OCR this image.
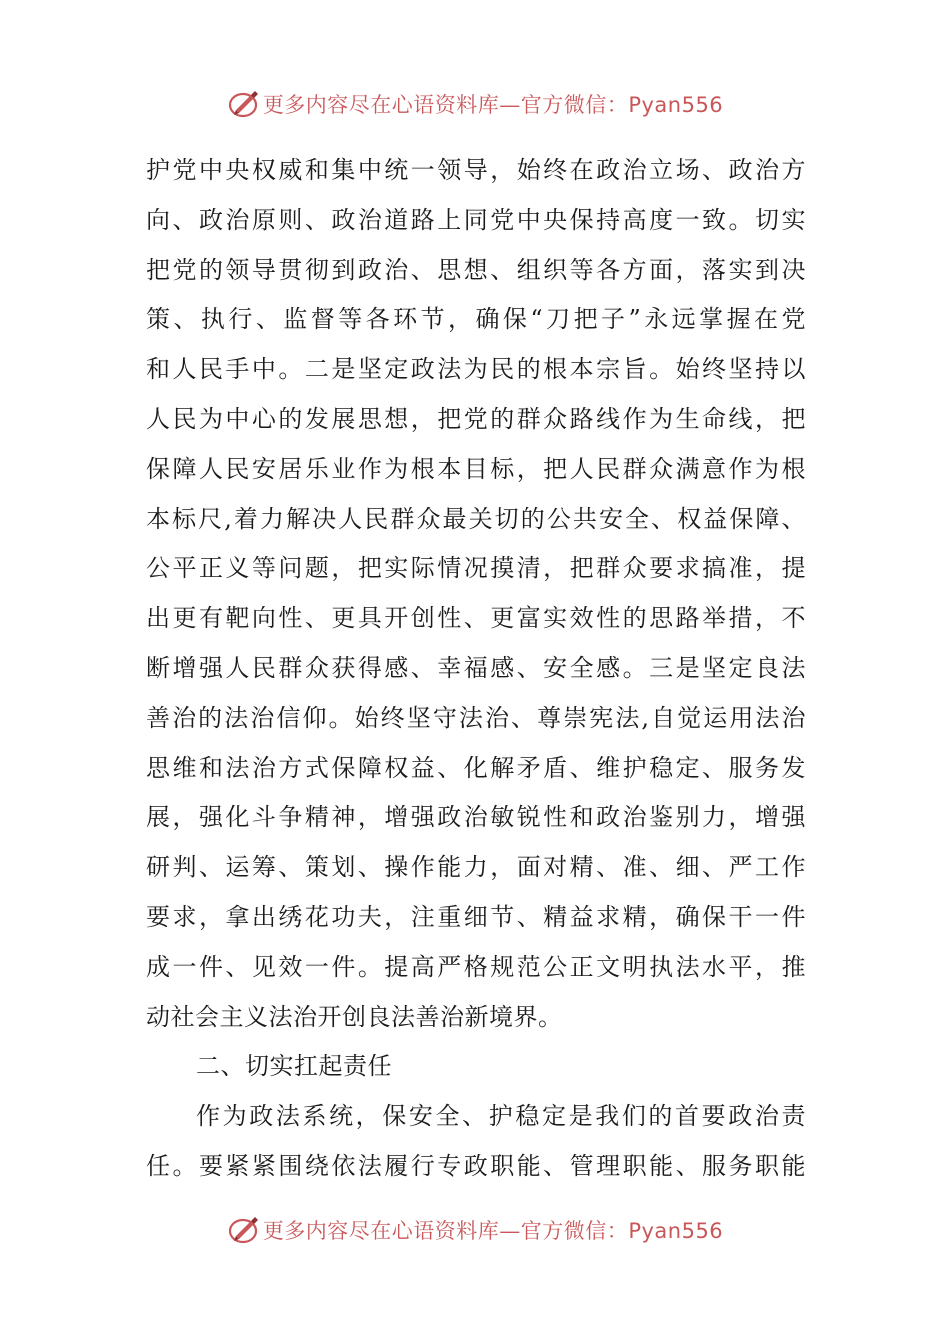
更多内容尽在心语资料库—官方微信：Pyan556
护党中央权威和集中统一领导，始终在政治立场、政治方
向、政治原则、政治道路上同党中央保持高度一致。切实
把党的领导贯彻到政治、思想、组织等各方面，落实到决
策、执行、监督等各环节，确保“刀把子”永远掌握在党
和人民手中。二是坚定政法为民的根本宗旨。始终坚持以
人民为中心的发展思想，把党的群众路线作为生命线，把
保障人民安居乐业作为根本目标，把人民群众满意作为根
本标尺,着力解决人民群众最关切的公共安全、权益保障、
公平正义等问题，把实际情况摸清，把群众要求搞准，提
出更有靶向性、更具开创性、更富实效性的思路举措，不
断增强人民群众获得感、幸福感、安全感。三是坚定良法
善治的法治信仰。始终坚守法治、尊崇宪法,自觉运用法治
思维和法治方式保障权益、化解矛盾、维护稳定、服务发
展，强化斗争精神，增强政治敏锐性和政治鉴别力，增强
研判、运筹、策划、操作能力，面对精、准、细、严工作
要求，拿出绣花功夫，注重细节、精益求精，确保干一件
成一件、见效一件。提高严格规范公正文明执法水平，推
动社会主义法治开创良法善治新境界。
二、切实扛起责任
作为政法系统，保安全、护稳定是我们的首要政治责
任。要紧紧围绕依法履行专政职能、管理职能、服务职能
更多内容尽在心语资料库—官方微信：Pyan556
